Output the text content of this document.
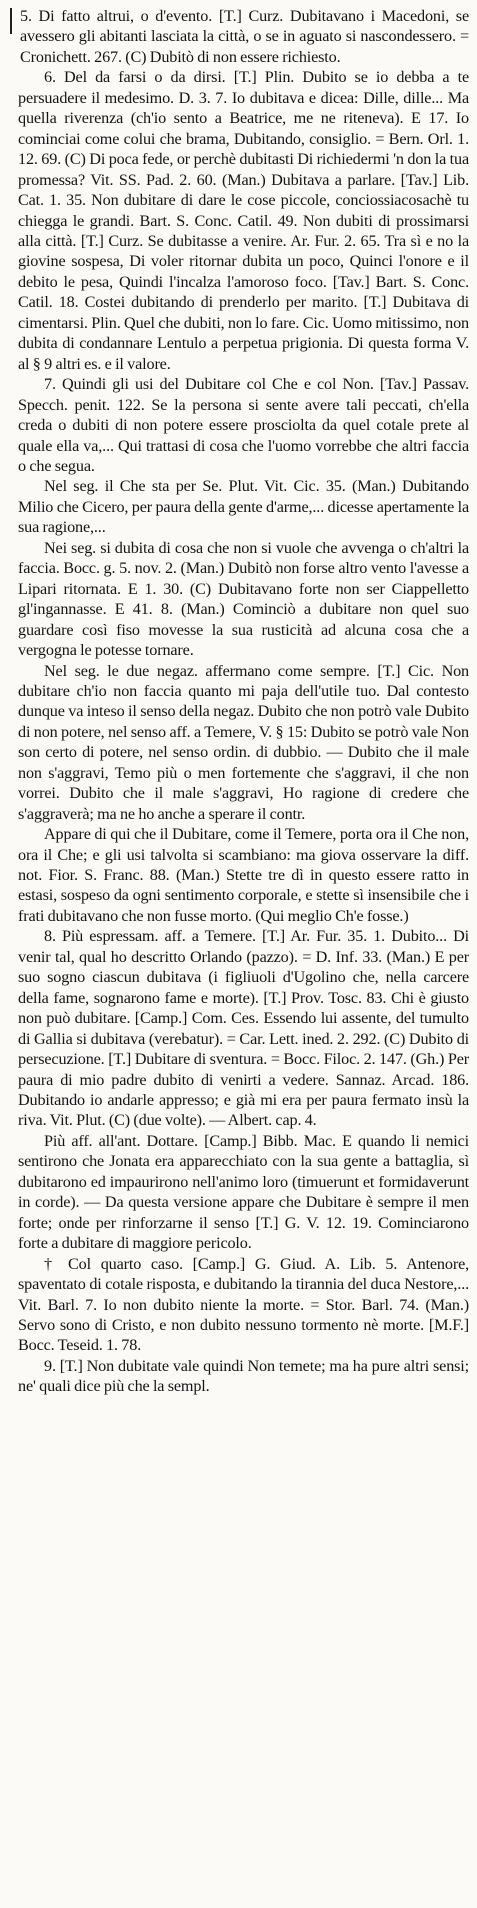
5. Di fatto altrui, o d'evento. [T.] Curz. Dubitavano i Macedoni, se avessero gli abitanti lasciata la città, o se in aguato si nascondessero. = Cronichett. 267. (C) Dubitò di non essere richiesto.

6. Del da farsi o da dirsi. [T.] Plin. Dubito se io debba a te persuadere il medesimo. D. 3. 7. Io dubitava e dicea: Dille, dille... Ma quella riverenza (ch'io sento a Beatrice, me ne riteneva). E 17. Io cominciai come colui che brama, Dubitando, consiglio. = Bern. Orl. 1. 12. 69. (C) Di poca fede, or perchè dubitasti Di richiedermi 'n don la tua promessa? Vit. SS. Pad. 2. 60. (Man.) Dubitava a parlare. [Tav.] Lib. Cat. 1. 35. Non dubitare di dare le cose piccole, conciossiacosachè tu chiegga le grandi. Bart. S. Conc. Catil. 49. Non dubiti di prossimarsi alla città. [T.] Curz. Se dubitasse a venire. Ar. Fur. 2. 65. Tra sì e no la giovine sospesa, Di voler ritornar dubita un poco, Quinci l'onore e il debito le pesa, Quindi l'incalza l'amoroso foco. [Tav.] Bart. S. Conc. Catil. 18. Costei dubitando di prenderlo per marito. [T.] Dubitava di cimentarsi. Plin. Quel che dubiti, non lo fare. Cic. Uomo mitissimo, non dubita di condannare Lentulo a perpetua prigionia. Di questa forma V. al § 9 altri es. e il valore.

7. Quindi gli usi del Dubitare col Che e col Non. [Tav.] Passav. Specch. penit. 122. Se la persona si sente avere tali peccati, ch'ella creda o dubiti di non potere essere prosciolta da quel cotale prete al quale ella va,... Qui trattasi di cosa che l'uomo vorrebbe che altri faccia o che segua.

Nel seg. il Che sta per Se. Plut. Vit. Cic. 35. (Man.) Dubitando Milio che Cicero, per paura della gente d'arme,... dicesse apertamente la sua ragione,...

Nei seg. si dubita di cosa che non si vuole che avvenga o ch'altri la faccia. Bocc. g. 5. nov. 2. (Man.) Dubitò non forse altro vento l'avesse a Lipari ritornata. E 1. 30. (C) Dubitavano forte non ser Ciappelletto gl'ingannasse. E 41. 8. (Man.) Cominciò a dubitare non quel suo guardare così fiso movesse la sua rusticità ad alcuna cosa che a vergogna le potesse tornare.

Nel seg. le due negaz. affermano come sempre. [T.] Cic. Non dubitare ch'io non faccia quanto mi paja dell'utile tuo. Dal contesto dunque va inteso il senso della negaz. Dubito che non potrò vale Dubito di non potere, nel senso aff. a Temere, V. § 15: Dubito se potrò vale Non son certo di potere, nel senso ordin. di dubbio. — Dubito che il male non s'aggravi, Temo più o men fortemente che s'aggravi, il che non vorrei. Dubito che il male s'aggravi, Ho ragione di credere che s'aggraverà; ma ne ho anche a sperare il contr.

Appare di qui che il Dubitare, come il Temere, porta ora il Che non, ora il Che; e gli usi talvolta si scambiano: ma giova osservare la diff. not. Fior. S. Franc. 88. (Man.) Stette tre dì in questo essere ratto in estasi, sospeso da ogni sentimento corporale, e stette sì insensibile che i frati dubitavano che non fusse morto. (Qui meglio Ch'e fosse.)

8. Più espressam. aff. a Temere. [T.] Ar. Fur. 35. 1. Dubito... Di venir tal, qual ho descritto Orlando (pazzo). = D. Inf. 33. (Man.) E per suo sogno ciascun dubitava (i figliuoli d'Ugolino che, nella carcere della fame, sognarono fame e morte). [T.] Prov. Tosc. 83. Chi è giusto non può dubitare. [Camp.] Com. Ces. Essendo lui assente, del tumulto di Gallia si dubitava (verebatur). = Car. Lett. ined. 2. 292. (C) Dubito di persecuzione. [T.] Dubitare di sventura. = Bocc. Filoc. 2. 147. (Gh.) Per paura di mio padre dubito di venirti a vedere. Sannaz. Arcad. 186. Dubitando io andarle appresso; e già mi era per paura fermato insù la riva. Vit. Plut. (C) (due volte). — Albert. cap. 4.

Più aff. all'ant. Dottare. [Camp.] Bibb. Mac. E quando li nemici sentirono che Jonata era apparecchiato con la sua gente a battaglia, sì dubitarono ed impaurirono nell'animo loro (timuerunt et formidaverunt in corde). — Da questa versione appare che Dubitare è sempre il men forte; onde per rinforzarne il senso [T.] G. V. 12. 19. Cominciarono forte a dubitare di maggiore pericolo.

† Col quarto caso. [Camp.] G. Giud. A. Lib. 5. Antenore, spaventato di cotale risposta, e dubitando la tirannia del duca Nestore,... Vit. Barl. 7. Io non dubito niente la morte. = Stor. Barl. 74. (Man.) Servo sono di Cristo, e non dubito nessuno tormento nè morte. [M.F.] Bocc. Teseid. 1. 78.

9. [T.] Non dubitate vale quindi Non temete; ma ha pure altri sensi; ne' quali dice più che la sempl.
